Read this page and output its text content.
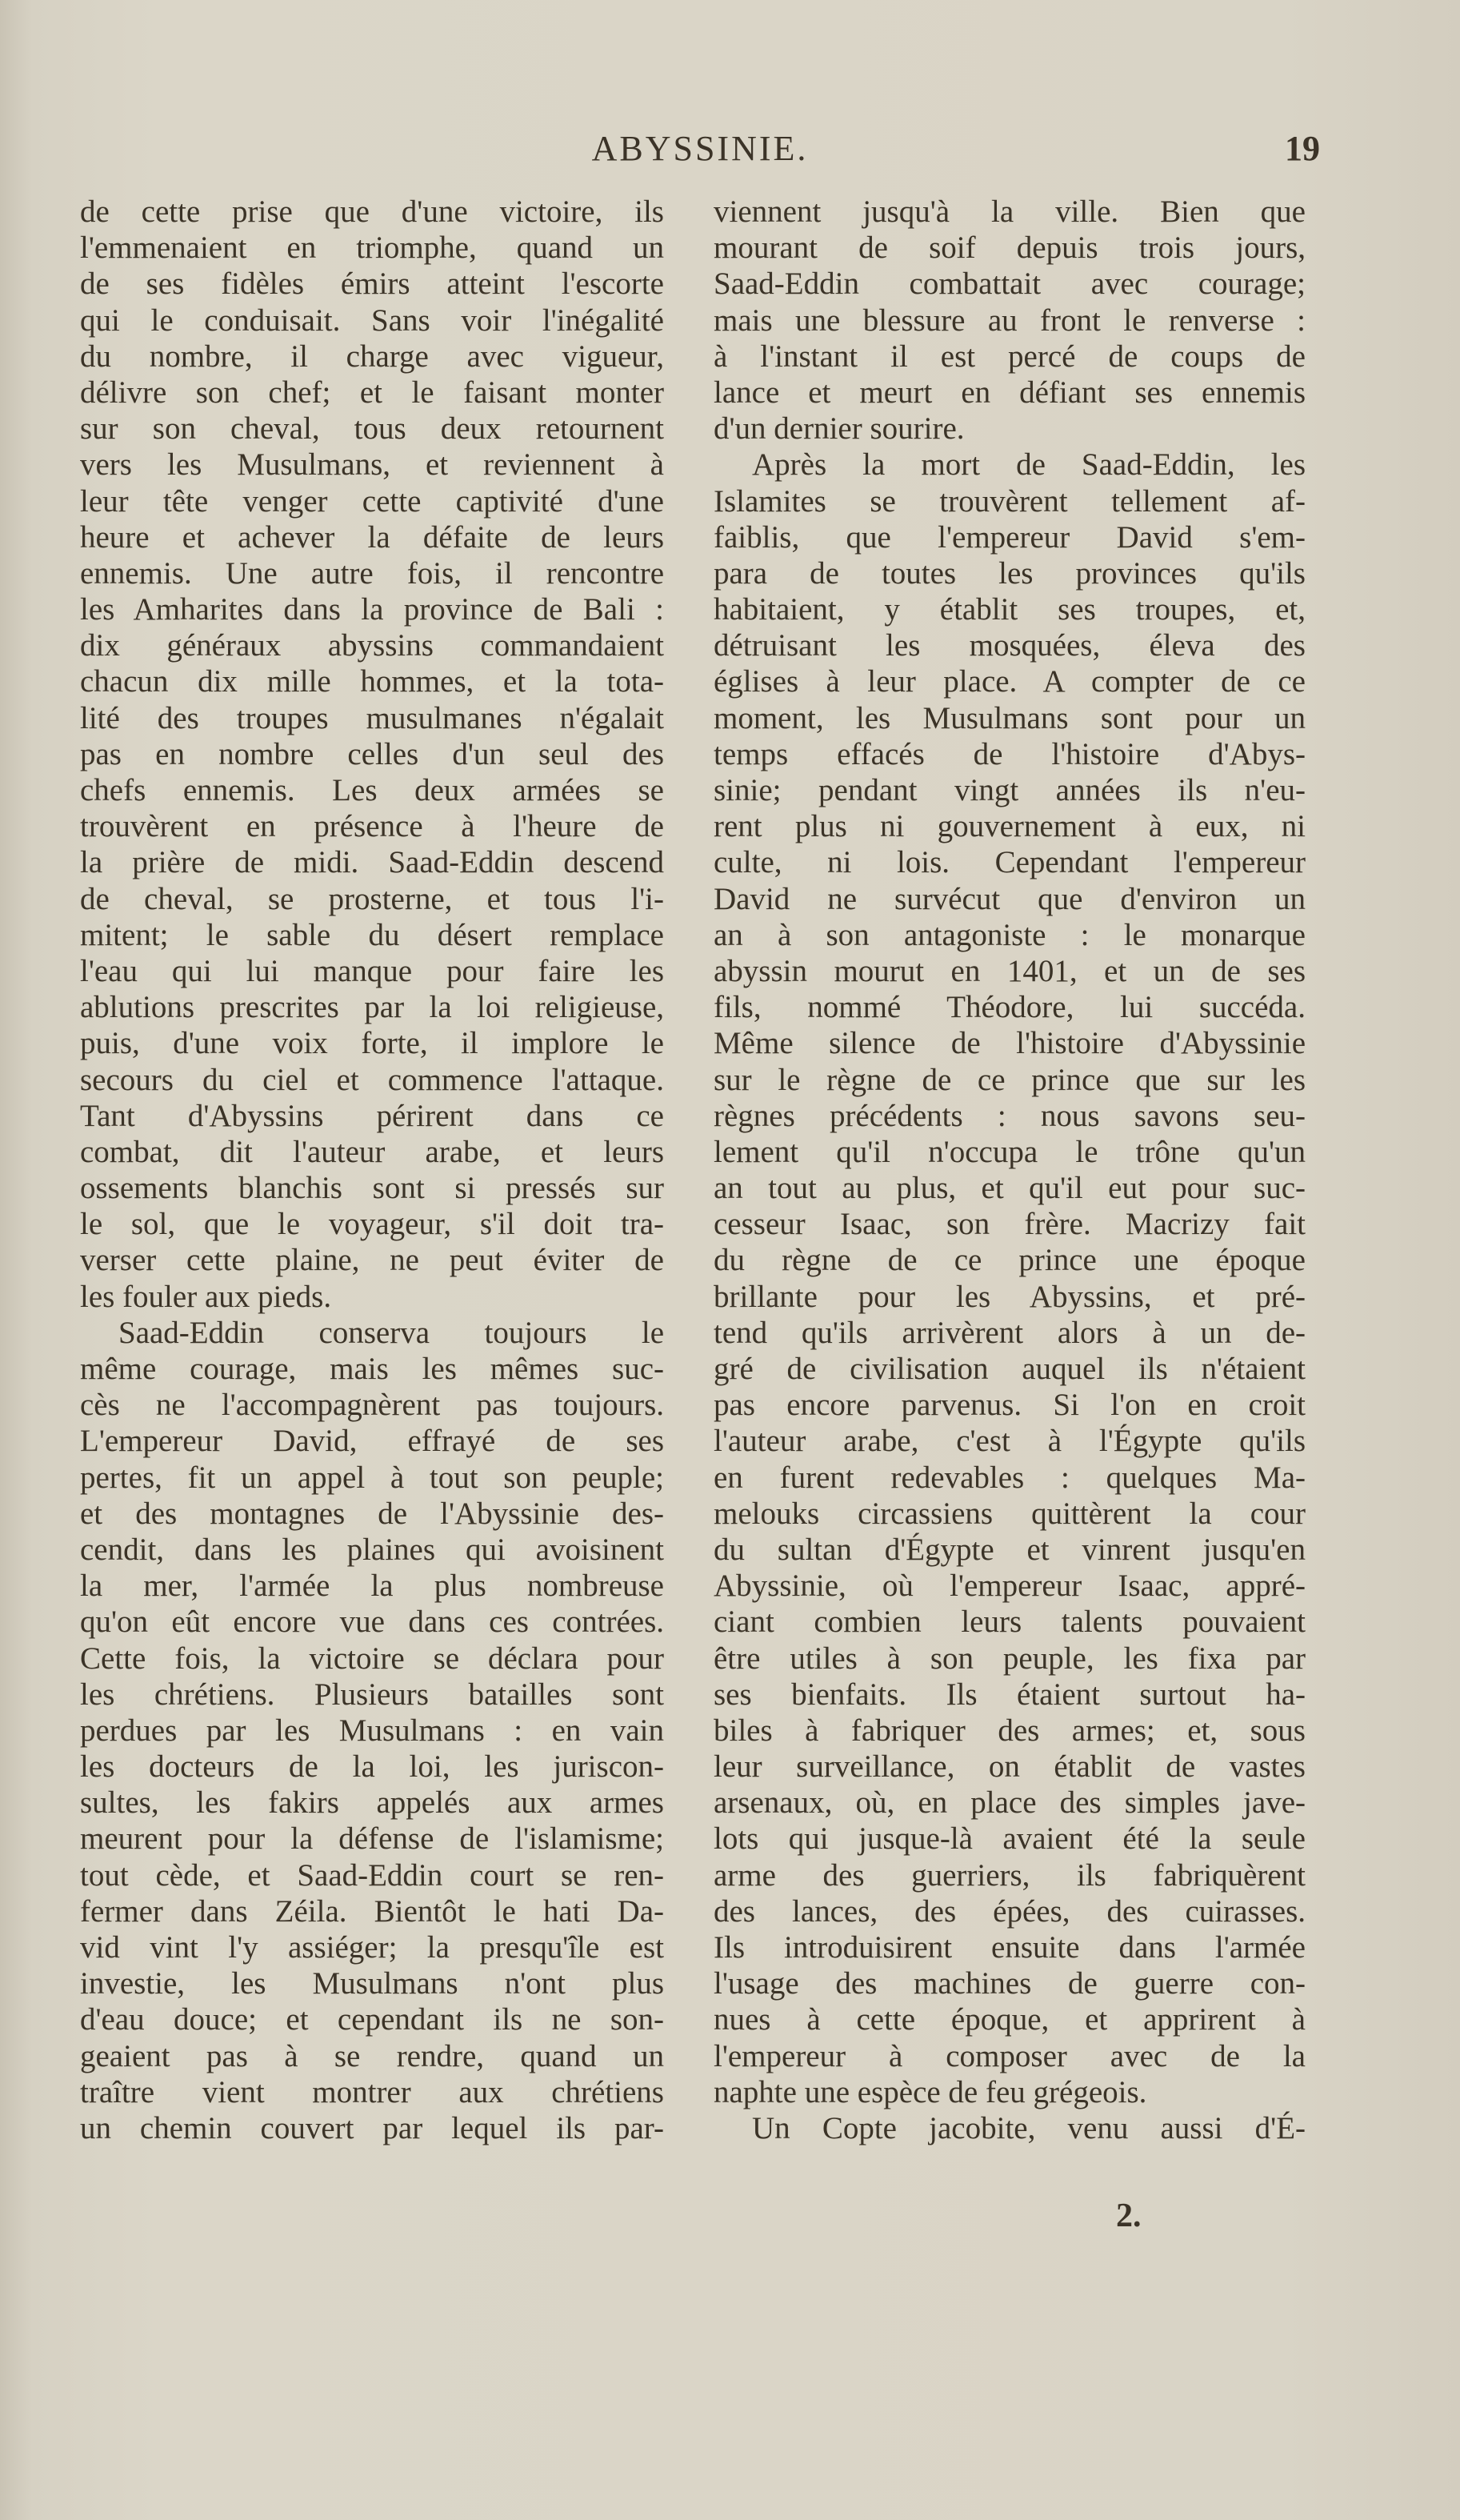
ABYSSINIE.	19
de cette prise que d'une victoire, ils
l'emmenaient en triomphe, quand un
de ses fidèles émirs atteint l'escorte
qui le conduisait. Sans voir l'inégalité
du nombre, il charge avec vigueur,
délivre son chef; et le faisant monter
sur son cheval, tous deux retournent
vers les Musulmans, et reviennent à
leur tête venger cette captivité d'une
heure et achever la défaite de leurs
ennemis. Une autre fois, il rencontre
les Amharites dans la province de Bali :
dix généraux abyssins commandaient
chacun dix mille hommes, et la tota-
lité des troupes musulmanes n'égalait
pas en nombre celles d'un seul des
chefs ennemis. Les deux armées se
trouvèrent en présence à l'heure de
la prière de midi. Saad-Eddin descend
de cheval, se prosterne, et tous l'i-
mitent; le sable du désert remplace
l'eau qui lui manque pour faire les
ablutions prescrites par la loi religieuse,
puis, d'une voix forte, il implore le
secours du ciel et commence l'attaque.
Tant d'Abyssins périrent dans ce
combat, dit l'auteur arabe, et leurs
ossements blanchis sont si pressés sur
le sol, que le voyageur, s'il doit tra-
verser cette plaine, ne peut éviter de
les fouler aux pieds.
Saad-Eddin conserva toujours le
même courage, mais les mêmes suc-
cès ne l'accompagnèrent pas toujours.
L'empereur David, effrayé de ses
pertes, fit un appel à tout son peuple;
et des montagnes de l'Abyssinie des-
cendit, dans les plaines qui avoisinent
la mer, l'armée la plus nombreuse
qu'on eût encore vue dans ces contrées.
Cette fois, la victoire se déclara pour
les chrétiens. Plusieurs batailles sont
perdues par les Musulmans : en vain
les docteurs de la loi, les juriscon-
sultes, les fakirs appelés aux armes
meurent pour la défense de l'islamisme;
tout cède, et Saad-Eddin court se ren-
fermer dans Zéila. Bientôt le hati Da-
vid vint l'y assiéger; la presqu'île est
investie, les Musulmans n'ont plus
d'eau douce; et cependant ils ne son-
geaient pas à se rendre, quand un
traître vient montrer aux chrétiens
un chemin couvert par lequel ils par-
viennent jusqu'à la ville. Bien que
mourant de soif depuis trois jours,
Saad-Eddin combattait avec courage;
mais une blessure au front le renverse :
à l'instant il est percé de coups de
lance et meurt en défiant ses ennemis
d'un dernier sourire.
Après la mort de Saad-Eddin, les
Islamites se trouvèrent tellement af-
faiblis, que l'empereur David s'em-
para de toutes les provinces qu'ils
habitaient, y établit ses troupes, et,
détruisant les mosquées, éleva des
églises à leur place. A compter de ce
moment, les Musulmans sont pour un
temps effacés de l'histoire d'Abys-
sinie; pendant vingt années ils n'eu-
rent plus ni gouvernement à eux, ni
culte, ni lois. Cependant l'empereur
David ne survécut que d'environ un
an à son antagoniste : le monarque
abyssin mourut en 1401, et un de ses
fils, nommé Théodore, lui succéda.
Même silence de l'histoire d'Abyssinie
sur le règne de ce prince que sur les
règnes précédents : nous savons seu-
lement qu'il n'occupa le trône qu'un
an tout au plus, et qu'il eut pour suc-
cesseur Isaac, son frère. Macrizy fait
du règne de ce prince une époque
brillante pour les Abyssins, et pré-
tend qu'ils arrivèrent alors à un de-
gré de civilisation auquel ils n'étaient
pas encore parvenus. Si l'on en croit
l'auteur arabe, c'est à l'Égypte qu'ils
en furent redevables : quelques Ma-
melouks circassiens quittèrent la cour
du sultan d'Égypte et vinrent jusqu'en
Abyssinie, où l'empereur Isaac, appré-
ciant combien leurs talents pouvaient
être utiles à son peuple, les fixa par
ses bienfaits. Ils étaient surtout ha-
biles à fabriquer des armes; et, sous
leur surveillance, on établit de vastes
arsenaux, où, en place des simples jave-
lots qui jusque-là avaient été la seule
arme des guerriers, ils fabriquèrent
des lances, des épées, des cuirasses.
Ils introduisirent ensuite dans l'armée
l'usage des machines de guerre con-
nues à cette époque, et apprirent à
l'empereur à composer avec de la
naphte une espèce de feu grégeois.
Un Copte jacobite, venu aussi d'É-
2.
